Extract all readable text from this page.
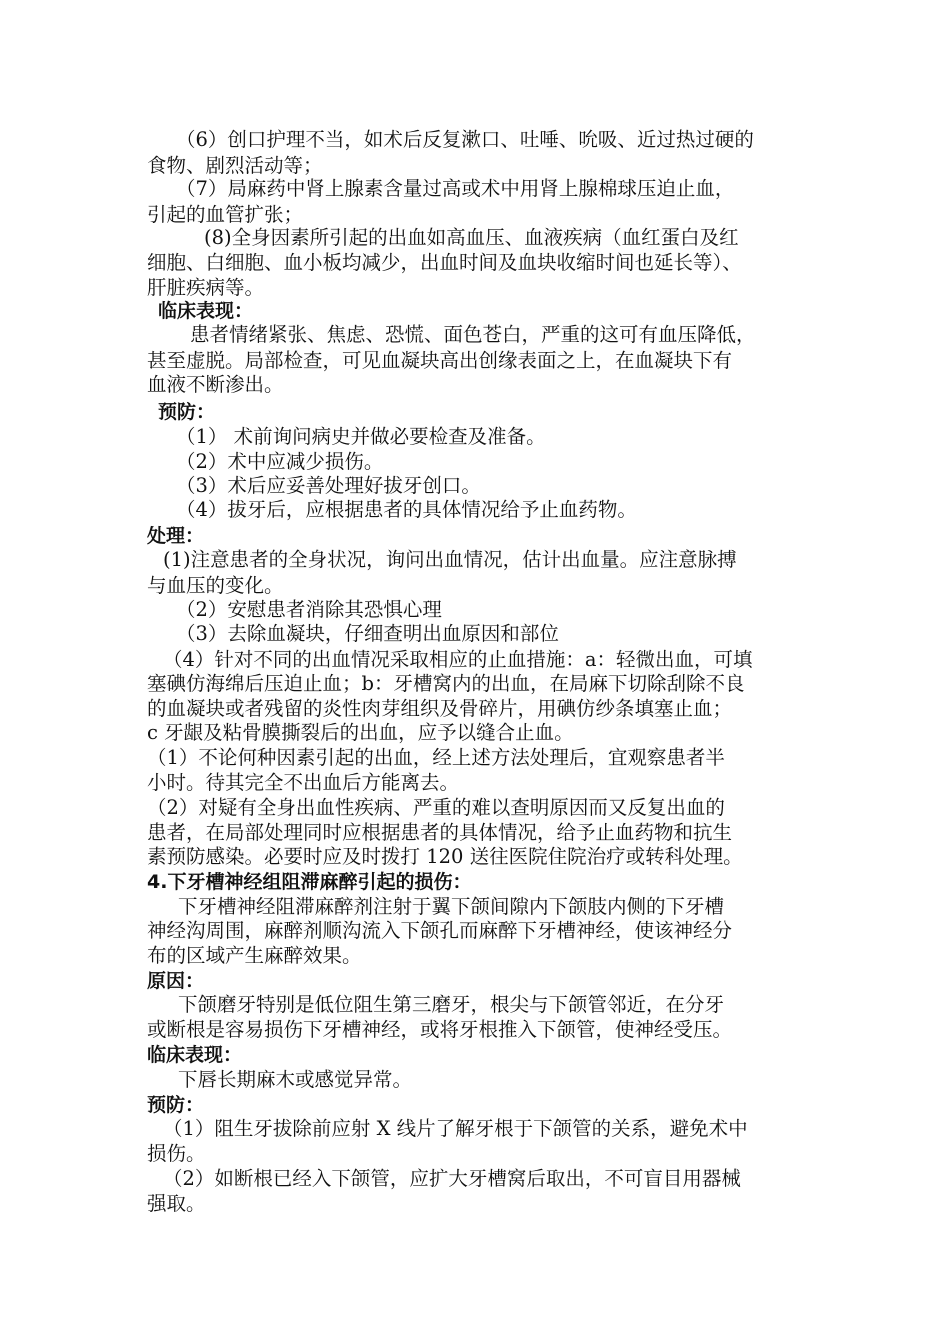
（6）创口护理不当，如术后反复漱口、吐唾、吮吸、近过热过硬的
食物、剧烈活动等；
（7）局麻药中肾上腺素含量过高或术中用肾上腺棉球压迫止血，
引起的血管扩张；
(8)全身因素所引起的出血如高血压、血液疾病（血红蛋白及红
细胞、白细胞、血小板均减少，出血时间及血块收缩时间也延长等）、
肝脏疾病等。
临床表现：
患者情绪紧张、焦虑、恐慌、面色苍白，严重的这可有血压降低，
甚至虚脱。局部检查，可见血凝块高出创缘表面之上，在血凝块下有
血液不断渗出。
预防：
（1） 术前询问病史并做必要检查及准备。
（2）术中应减少损伤。
（3）术后应妥善处理好拔牙创口。
（4）拔牙后，应根据患者的具体情况给予止血药物。
处理：
(1)注意患者的全身状况，询问出血情况，估计出血量。应注意脉搏
与血压的变化。
（2）安慰患者消除其恐惧心理
（3）去除血凝块，仔细查明出血原因和部位
（4）针对不同的出血情况采取相应的止血措施：a：轻微出血，可填
塞碘仿海绵后压迫止血；b：牙槽窝内的出血，在局麻下切除刮除不良
的血凝块或者残留的炎性肉芽组织及骨碎片，用碘仿纱条填塞止血；
c 牙龈及粘骨膜撕裂后的出血，应予以缝合止血。
（1）不论何种因素引起的出血，经上述方法处理后，宜观察患者半
小时。待其完全不出血后方能离去。
（2）对疑有全身出血性疾病、严重的难以查明原因而又反复出血的
患者，在局部处理同时应根据患者的具体情况，给予止血药物和抗生
素预防感染。必要时应及时拨打 120 送往医院住院治疗或转科处理。
4.下牙槽神经组阻滞麻醉引起的损伤：
下牙槽神经阻滞麻醉剂注射于翼下颌间隙内下颌肢内侧的下牙槽
神经沟周围，麻醉剂顺沟流入下颌孔而麻醉下牙槽神经，使该神经分
布的区域产生麻醉效果。
原因：
下颌磨牙特别是低位阻生第三磨牙，根尖与下颌管邻近，在分牙
或断根是容易损伤下牙槽神经，或将牙根推入下颌管，使神经受压。
临床表现：
下唇长期麻木或感觉异常。
预防：
（1）阻生牙拔除前应射 X 线片了解牙根于下颌管的关系，避免术中
损伤。
（2）如断根已经入下颌管，应扩大牙槽窝后取出，不可盲目用器械
强取。
